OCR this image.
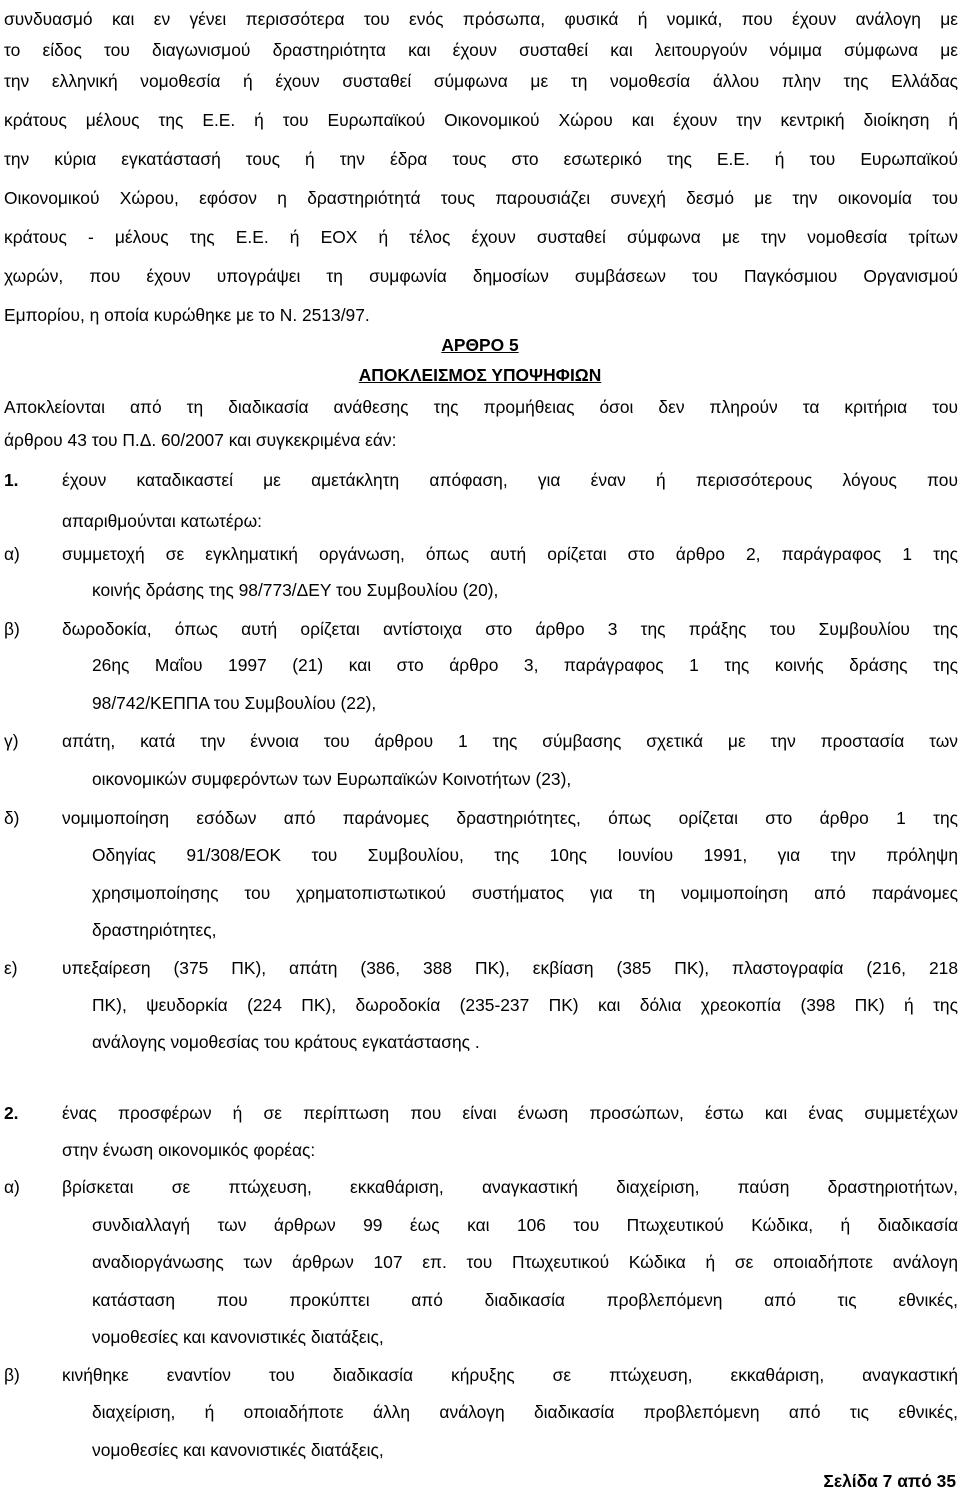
συνδυασμό και εν γένει περισσότερα του ενός πρόσωπα, φυσικά ή νομικά, που έχουν ανάλογη με
το είδος του διαγωνισμού δραστηριότητα και έχουν συσταθεί και λειτουργούν νόμιμα σύμφωνα με
την ελληνική νομοθεσία ή έχουν συσταθεί σύμφωνα με τη νομοθεσία άλλου πλην της Ελλάδας
κράτους μέλους της Ε.Ε. ή του Ευρωπαϊκού Οικονομικού Χώρου και έχουν την κεντρική διοίκηση ή
την κύρια εγκατάστασή τους ή την έδρα τους στο εσωτερικό της Ε.Ε. ή του Ευρωπαϊκού
Οικονομικού Χώρου, εφόσον η δραστηριότητά τους παρουσιάζει συνεχή δεσμό με την οικονομία του
κράτους - μέλους της Ε.Ε. ή ΕΟΧ ή τέλος έχουν συσταθεί σύμφωνα με την νομοθεσία τρίτων
χωρών, που έχουν υπογράψει τη συμφωνία δημοσίων συμβάσεων του Παγκόσμιου Οργανισμού
Εμπορίου, η οποία κυρώθηκε με το Ν. 2513/97.
ΑΡΘΡΟ 5
ΑΠΟΚΛΕΙΣΜΟΣ ΥΠΟΨΗΦΙΩΝ
Αποκλείονται από τη διαδικασία ανάθεσης της προμήθειας όσοι δεν πληρούν τα κριτήρια του
άρθρου 43 του Π.Δ. 60/2007 και συγκεκριμένα εάν:
1. έχουν καταδικαστεί με αμετάκλητη απόφαση, για έναν ή περισσότερους λόγους που
απαριθμούνται κατωτέρω:
α) συμμετοχή σε εγκληματική οργάνωση, όπως αυτή ορίζεται στο άρθρο 2, παράγραφος 1 της
κοινής δράσης της 98/773/ΔΕΥ του Συμβουλίου (20),
β) δωροδοκία, όπως αυτή ορίζεται αντίστοιχα στο άρθρο 3 της πράξης του Συμβουλίου της
26ης Μαΐου 1997 (21) και στο άρθρο 3, παράγραφος 1 της κοινής δράσης της
98/742/ΚΕΠΠΑ του Συμβουλίου (22),
γ)	απάτη, κατά την έννοια του άρθρου 1 της σύμβασης σχετικά με την προστασία των
οικονομικών συμφερόντων των Ευρωπαϊκών Κοινοτήτων (23),
δ) νομιμοποίηση εσόδων από παράνομες δραστηριότητες, όπως ορίζεται στο άρθρο 1 της
Οδηγίας 91/308/ΕΟΚ του Συμβουλίου, της 10ης Ιουνίου 1991, για την πρόληψη
χρησιμοποίησης του χρηματοπιστωτικού συστήματος για τη νομιμοποίηση από παράνομες
δραστηριότητες,
ε)	υπεξαίρεση (375 ΠΚ), απάτη (386, 388 ΠΚ), εκβίαση (385 ΠΚ), πλαστογραφία (216, 218
ΠΚ), ψευδορκία (224 ΠΚ), δωροδοκία (235-237 ΠΚ) και δόλια χρεοκοπία (398 ΠΚ) ή της
ανάλογης νομοθεσίας του κράτους εγκατάστασης .
2. ένας προσφέρων ή σε περίπτωση που είναι ένωση προσώπων, έστω και ένας συμμετέχων
στην ένωση οικονομικός φορέας:
α) βρίσκεται σε πτώχευση, εκκαθάριση, αναγκαστική διαχείριση, παύση δραστηριοτήτων,
συνδιαλλαγή των άρθρων 99 έως και 106 του Πτωχευτικού Κώδικα, ή διαδικασία
αναδιοργάνωσης των άρθρων 107 επ. του Πτωχευτικού Κώδικα ή σε οποιαδήποτε ανάλογη
κατάσταση που προκύπτει από διαδικασία προβλεπόμενη από τις εθνικές,
νομοθεσίες και κανονιστικές διατάξεις,
β) κινήθηκε εναντίον του διαδικασία κήρυξης σε πτώχευση, εκκαθάριση, αναγκαστική
διαχείριση, ή οποιαδήποτε άλλη ανάλογη διαδικασία προβλεπόμενη από τις εθνικές,
νομοθεσίες και κανονιστικές διατάξεις,
Σελίδα 7 από 35
